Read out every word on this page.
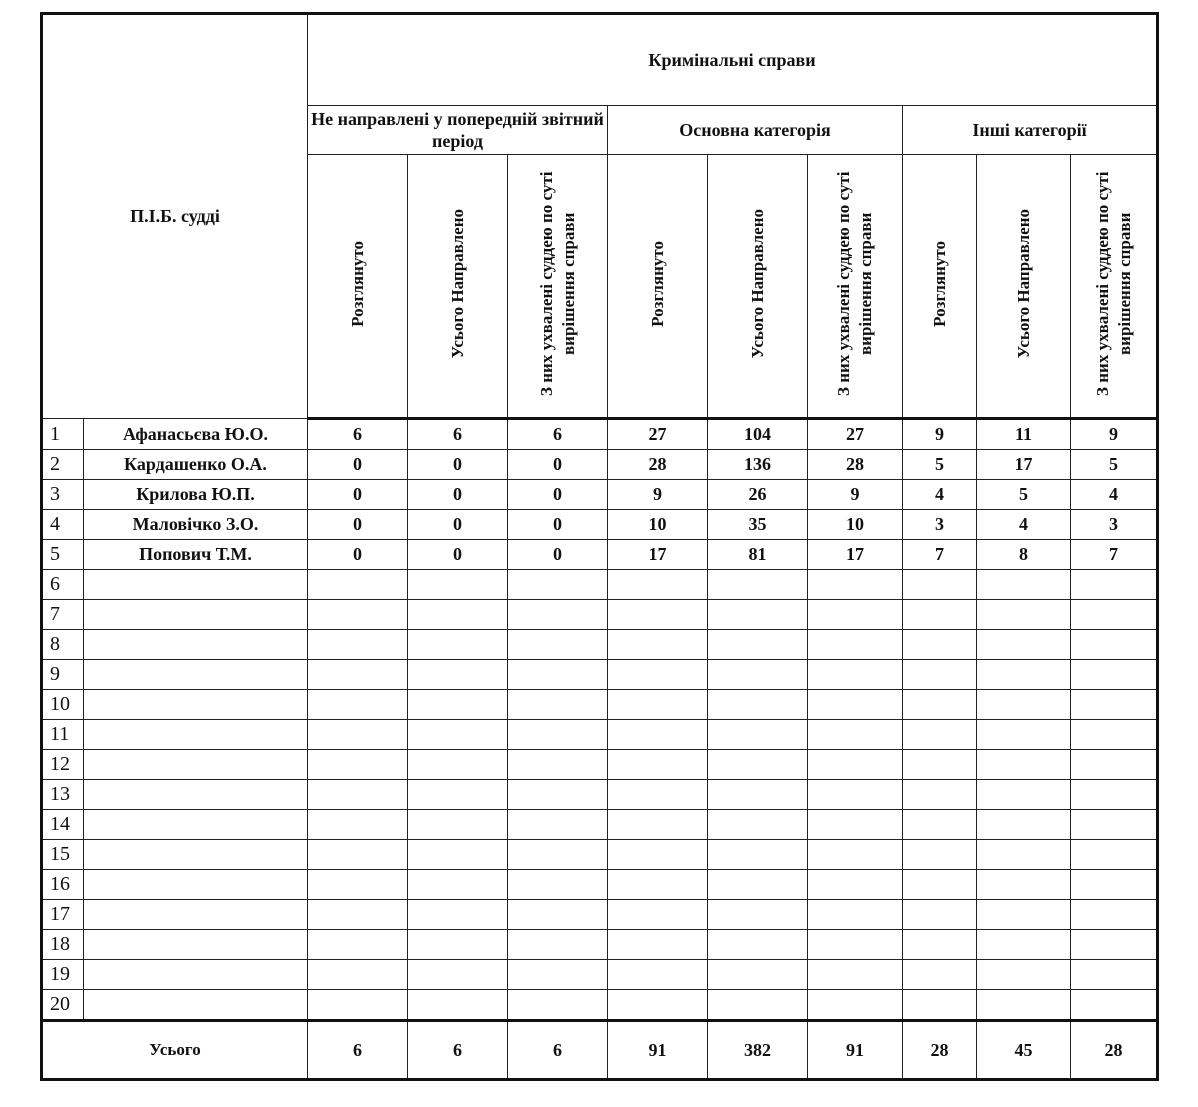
П.І.Б. судді		Кримінальні справи								
		Не направлені у попередній звітний період			Основна категорія			Інші категорії		
		Розглянуто	Усього Направлено	З них ухвалені суддею по суті вирішення справи	Розглянуто	Усього Направлено	З них ухвалені суддею по суті вирішення справи	Розглянуто	Усього Направлено	З них ухвалені суддею по суті вирішення справи
1	Афанасьєва Ю.О.	6	6	6	27	104	27	9	11	9
2	Кардашенко О.А.	0	0	0	28	136	28	5	17	5
3	Крилова Ю.П.	0	0	0	9	26	9	4	5	4
4	Маловічко З.О.	0	0	0	10	35	10	3	4	3
5	Попович Т.М.	0	0	0	17	81	17	7	8	7
6										
7										
8										
9										
10										
11										
12										
13										
14										
15										
16										
17										
18										
19										
20										
Усього		6	6	6	91	382	91	28	45	28
